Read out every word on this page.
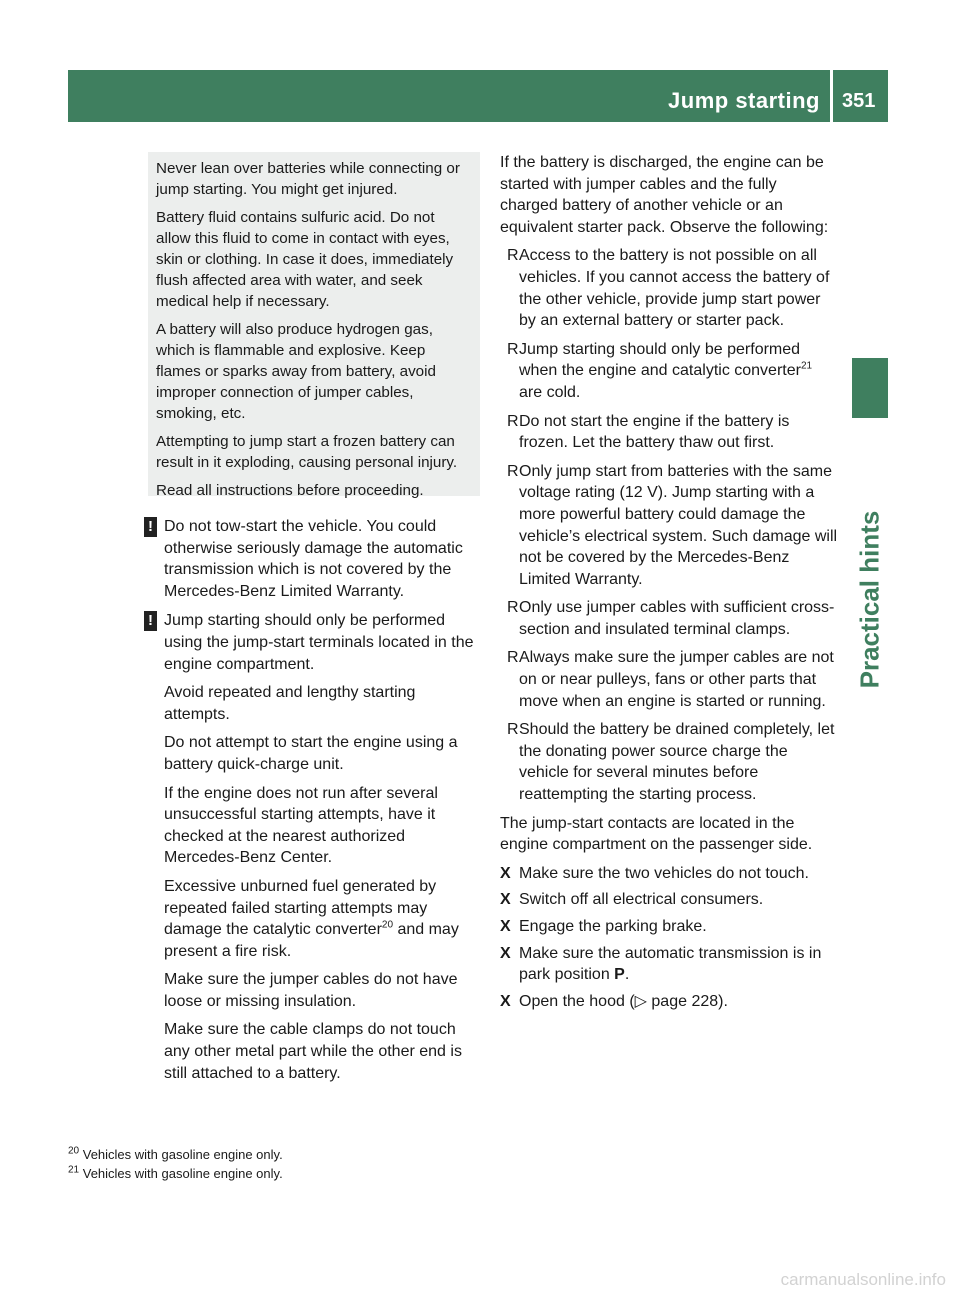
Jump starting 351
Practical hints

Never lean over batteries while connecting or jump starting. You might get injured.

Battery fluid contains sulfuric acid. Do not allow this fluid to come in contact with eyes, skin or clothing. In case it does, immediately flush affected area with water, and seek medical help if necessary.

A battery will also produce hydrogen gas, which is flammable and explosive. Keep flames or sparks away from battery, avoid improper connection of jumper cables, smoking, etc.

Attempting to jump start a frozen battery can result in it exploding, causing personal injury.

Read all instructions before proceeding.

! Do not tow-start the vehicle. You could otherwise seriously damage the automatic transmission which is not covered by the Mercedes-Benz Limited Warranty.

! Jump starting should only be performed using the jump-start terminals located in the engine compartment.

Avoid repeated and lengthy starting attempts.

Do not attempt to start the engine using a battery quick-charge unit.

If the engine does not run after several unsuccessful starting attempts, have it checked at the nearest authorized Mercedes-Benz Center.

Excessive unburned fuel generated by repeated failed starting attempts may damage the catalytic converter$^{20}$ and may present a fire risk.

Make sure the jumper cables do not have loose or missing insulation.

Make sure the cable clamps do not touch any other metal part while the other end is still attached to a battery.

If the battery is discharged, the engine can be started with jumper cables and the fully charged battery of another vehicle or an equivalent starter pack. Observe the following:

R Access to the battery is not possible on all vehicles. If you cannot access the battery of the other vehicle, provide jump start power by an external battery or starter pack.
R Jump starting should only be performed when the engine and catalytic converter$^{21}$ are cold.
R Do not start the engine if the battery is frozen. Let the battery thaw out first.
R Only jump start from batteries with the same voltage rating (12 V). Jump starting with a more powerful battery could damage the vehicle’s electrical system. Such damage will not be covered by the Mercedes-Benz Limited Warranty.
R Only use jumper cables with sufficient cross-section and insulated terminal clamps.
R Always make sure the jumper cables are not on or near pulleys, fans or other parts that move when an engine is started or running.
R Should the battery be drained completely, let the donating power source charge the vehicle for several minutes before reattempting the starting process.

The jump-start contacts are located in the engine compartment on the passenger side.

X Make sure the two vehicles do not touch.
X Switch off all electrical consumers.
X Engage the parking brake.
X Make sure the automatic transmission is in park position P.
X Open the hood (▷ page 228).

$^{20}$ Vehicles with gasoline engine only.

$^{21}$ Vehicles with gasoline engine only.

carmanualsonline.info
